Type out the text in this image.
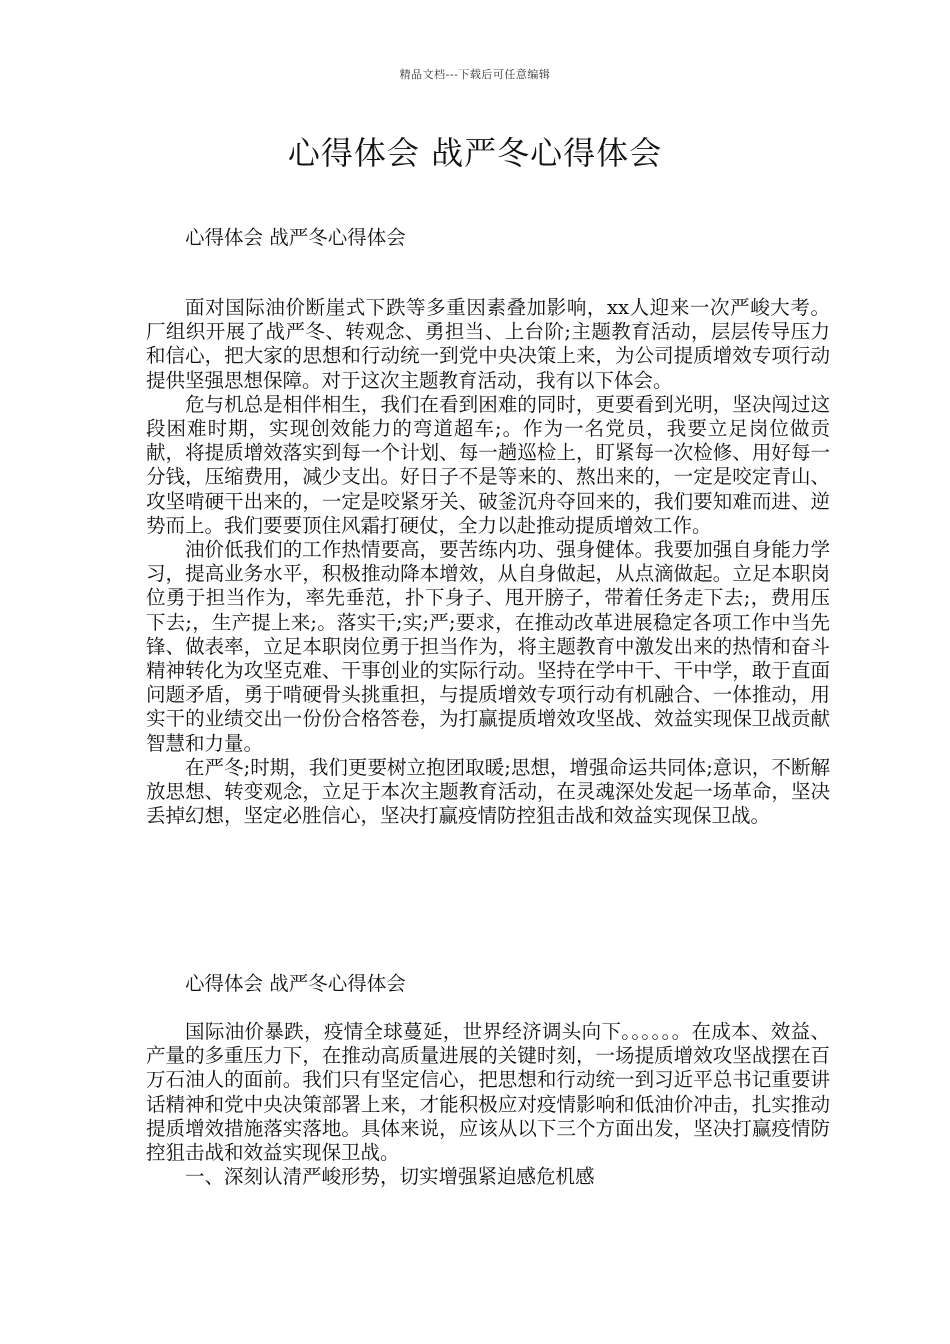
精品文档---下载后可任意编辑
心得体会 战严冬心得体会
心得体会 战严冬心得体会

面对国际油价断崖式下跌等多重因素叠加影响，xx人迎来一次严峻大考。厂组织开展了战严冬、转观念、勇担当、上台阶;主题教育活动，层层传导压力和信心，把大家的思想和行动统一到党中央决策上来，为公司提质增效专项行动提供坚强思想保障。对于这次主题教育活动，我有以下体会。

危与机总是相伴相生，我们在看到困难的同时，更要看到光明，坚决闯过这段困难时期，实现创效能力的弯道超车;。作为一名党员，我要立足岗位做贡献，将提质增效落实到每一个计划、每一趟巡检上，盯紧每一次检修、用好每一分钱，压缩费用，减少支出。好日子不是等来的、熬出来的，一定是咬定青山、攻坚啃硬干出来的，一定是咬紧牙关、破釜沉舟夺回来的，我们要知难而进、逆势而上。我们要要顶住风霜打硬仗，全力以赴推动提质增效工作。

油价低我们的工作热情要高，要苦练内功、强身健体。我要加强自身能力学习，提高业务水平，积极推动降本增效，从自身做起，从点滴做起。立足本职岗位勇于担当作为，率先垂范，扑下身子、甩开膀子，带着任务走下去;，费用压下去;，生产提上来;。落实干;实;严;要求，在推动改革进展稳定各项工作中当先锋、做表率，立足本职岗位勇于担当作为，将主题教育中激发出来的热情和奋斗精神转化为攻坚克难、干事创业的实际行动。坚持在学中干、干中学，敢于直面问题矛盾，勇于啃硬骨头挑重担，与提质增效专项行动有机融合、一体推动，用实干的业绩交出一份份合格答卷，为打赢提质增效攻坚战、效益实现保卫战贡献智慧和力量。

在严冬;时期，我们更要树立抱团取暖;思想，增强命运共同体;意识，不断解放思想、转变观念，立足于本次主题教育活动，在灵魂深处发起一场革命，坚决丢掉幻想，坚定必胜信心，坚决打赢疫情防控狙击战和效益实现保卫战。

心得体会 战严冬心得体会

国际油价暴跌，疫情全球蔓延，世界经济调头向下。。。。。。在成本、效益、产量的多重压力下，在推动高质量进展的关键时刻，一场提质增效攻坚战摆在百万石油人的面前。我们只有坚定信心，把思想和行动统一到习近平总书记重要讲话精神和党中央决策部署上来，才能积极应对疫情影响和低油价冲击，扎实推动提质增效措施落实落地。具体来说，应该从以下三个方面出发，坚决打赢疫情防控狙击战和效益实现保卫战。

一、深刻认清严峻形势，切实增强紧迫感危机感
